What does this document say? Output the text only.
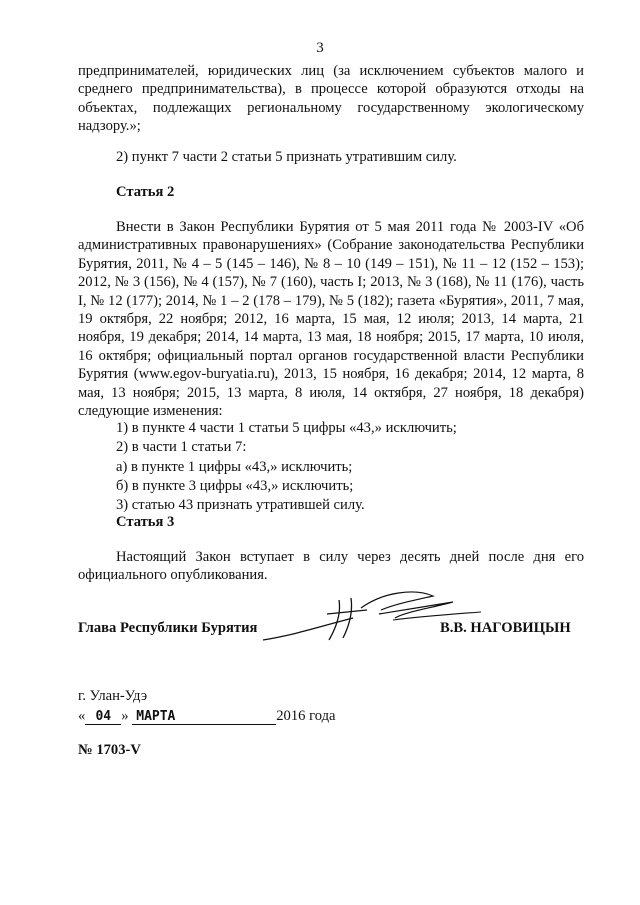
3

предпринимателей, юридических лиц (за исключением субъектов малого и среднего предпринимательства), в процессе которой образуются отходы на объектах, подлежащих региональному государственному экологическому надзору.»;

2) пункт 7 части 2 статьи 5 признать утратившим силу.

Статья 2

Внести в Закон Республики Бурятия от 5 мая 2011 года № 2003-IV «Об административных правонарушениях» (Собрание законодательства Республики Бурятия, 2011, № 4 – 5 (145 – 146), № 8 – 10 (149 – 151), № 11 – 12 (152 – 153); 2012, № 3 (156), № 4 (157), № 7 (160), часть I; 2013, № 3 (168), № 11 (176), часть I, № 12 (177); 2014, № 1 – 2 (178 – 179), № 5 (182); газета «Бурятия», 2011, 7 мая, 19 октября, 22 ноября; 2012, 16 марта, 15 мая, 12 июля; 2013, 14 марта, 21 ноября, 19 декабря; 2014, 14 марта, 13 мая, 18 ноября; 2015, 17 марта, 10 июля, 16 октября; официальный портал органов государственной власти Республики Бурятия (www.egov-buryatia.ru), 2013, 15 ноября, 16 декабря; 2014, 12 марта, 8 мая, 13 ноября; 2015, 13 марта, 8 июля, 14 октября, 27 ноября, 18 декабря) следующие изменения:

1) в пункте 4 части 1 статьи 5 цифры «43,» исключить;
2) в части 1 статьи 7:
а) в пункте 1 цифры «43,» исключить;
б) в пункте 3 цифры «43,» исключить;
3) статью 43 признать утратившей силу.

Статья 3

Настоящий Закон вступает в силу через десять дней после дня его официального опубликования.

Глава Республики Бурятия	В.В. НАГОВИЦЫН
г. Улан-Удэ
« 04 » МАРТА	2016 года
№ 1703-V
